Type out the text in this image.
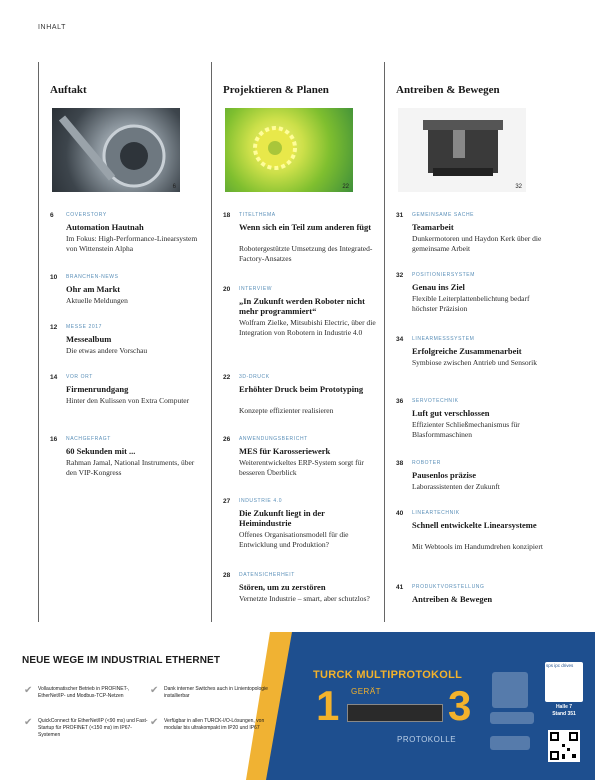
INHALT
Auftakt	Projektieren & Planen	Antreiben & Bewegen
6	22	32
6 COVERSTORY
Automation Hautnah
Im Fokus: High-Performance-Linearsystem von Wittenstein Alpha
10 BRANCHEN-NEWS
Ohr am Markt
Aktuelle Meldungen
12 MESSE 2017
Messealbum
Die etwas andere Vorschau
14 VOR ORT
Firmenrundgang
Hinter den Kulissen von Extra Computer
16 NACHGEFRAGT
60 Sekunden mit ...
Rahman Jamal, National Instruments, über den VIP-Kongress
18 TITELTHEMA
Wenn sich ein Teil zum anderen fügt
Robotergestützte Umsetzung des Integrated-Factory-Ansatzes
20 INTERVIEW
„In Zukunft werden Roboter nicht mehr programmiert“
Wolfram Zielke, Mitsubishi Electric, über die Integration von Robotern in Industrie 4.0
22 3D-DRUCK
Erhöhter Druck beim Prototyping
Konzepte effizienter realisieren
26 ANWENDUNGSBERICHT
MES für Karosseriewerk
Weiterentwickeltes ERP-System sorgt für besseren Überblick
27 INDUSTRIE 4.0
Die Zukunft liegt in der Heimindustrie
Offenes Organisationsmodell für die Entwicklung und Produktion?
28 DATENSICHERHEIT
Stören, um zu zerstören
Vernetzte Industrie – smart, aber schutzlos?
31 GEMEINSAME SACHE
Teamarbeit
Dunkermotoren und Haydon Kerk über die gemeinsame Arbeit
32 POSITIONIERSYSTEM
Genau ins Ziel
Flexible Leiterplattenbelichtung bedarf höchster Präzision
34 LINEARMESSSYSTEM
Erfolgreiche Zusammenarbeit
Symbiose zwischen Antrieb und Sensorik
36 SERVOTECHNIK
Luft gut verschlossen
Effizienter Schließmechanismus für Blasformmaschinen
38 ROBOTER
Pausenlos präzise
Laborassistenten der Zukunft
40 LINEARTECHNIK
Schnell entwickelte Linearsysteme
Mit Webtools im Handumdrehen konzipiert
41 PRODUKTVORSTELLUNG
Antreiben & Bewegen
NEUE WEGE IM INDUSTRIAL ETHERNET
✔	Vollautomatischer Betrieb in PROFINET-, EtherNet/IP- und Modbus-TCP-Netzen	✔	Dank interner Switches auch in Linientopologie installierbar
✔	QuickConnect für EtherNet/IP (<90 ms) und Fast-Startup für PROFINET (<150 ms) im IP67-Systemen
✔	Verfügbar in allen TURCK-I/O-Lösungen, von modular bis ultrakompakt im IP20 und IP67
TURCK MULTIPROTOKOLL
1 GERÄT 3
PROTOKOLLE
sps ipc drives
Halle 7
Stand 351
